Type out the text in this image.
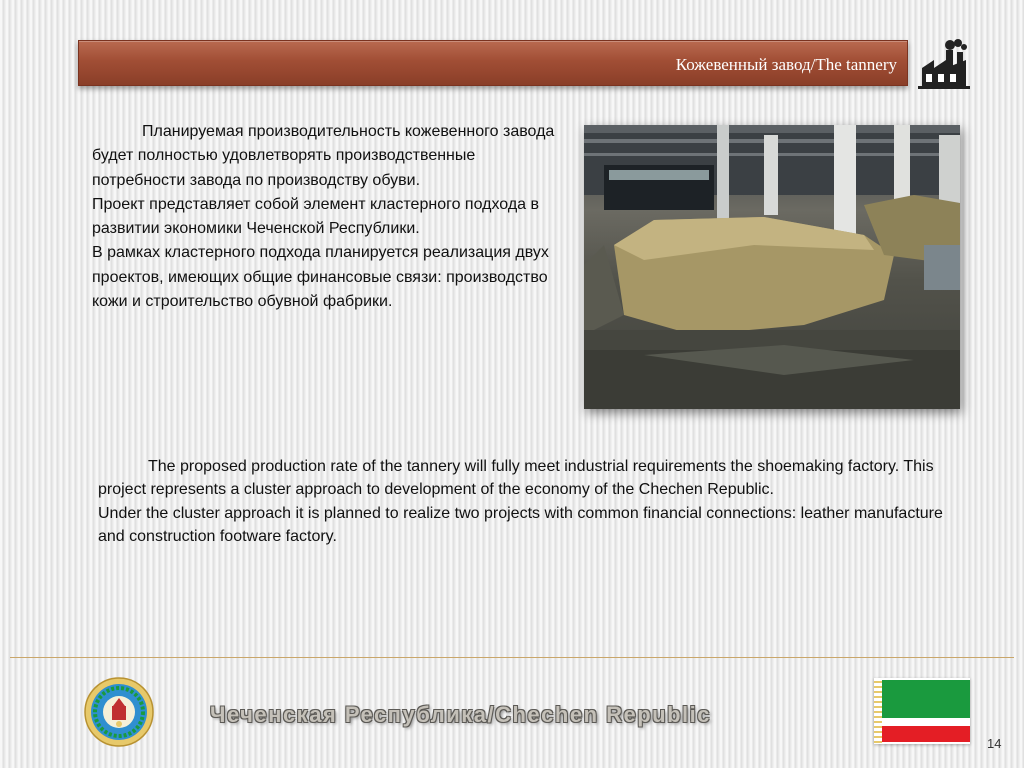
Кожевенный завод/The tannery

Планируемая производительность кожевенного завода будет полностью удовлетворять производственные потребности завода по производству обуви.

Проект представляет собой элемент кластерного подхода в развитии экономики Чеченской Республики.

В рамках кластерного подхода планируется реализация двух проектов, имеющих общие финансовые связи: производство кожи и строительство обувной фабрики.

The proposed production rate of the tannery will fully meet industrial requirements the shoemaking factory. This project represents a cluster approach to development of the economy of the Chechen Republic.

Under the cluster approach it is planned to realize two projects with common financial connections: leather manufacture and construction footware factory.

Чеченская Республика/Chechen Republic
14
